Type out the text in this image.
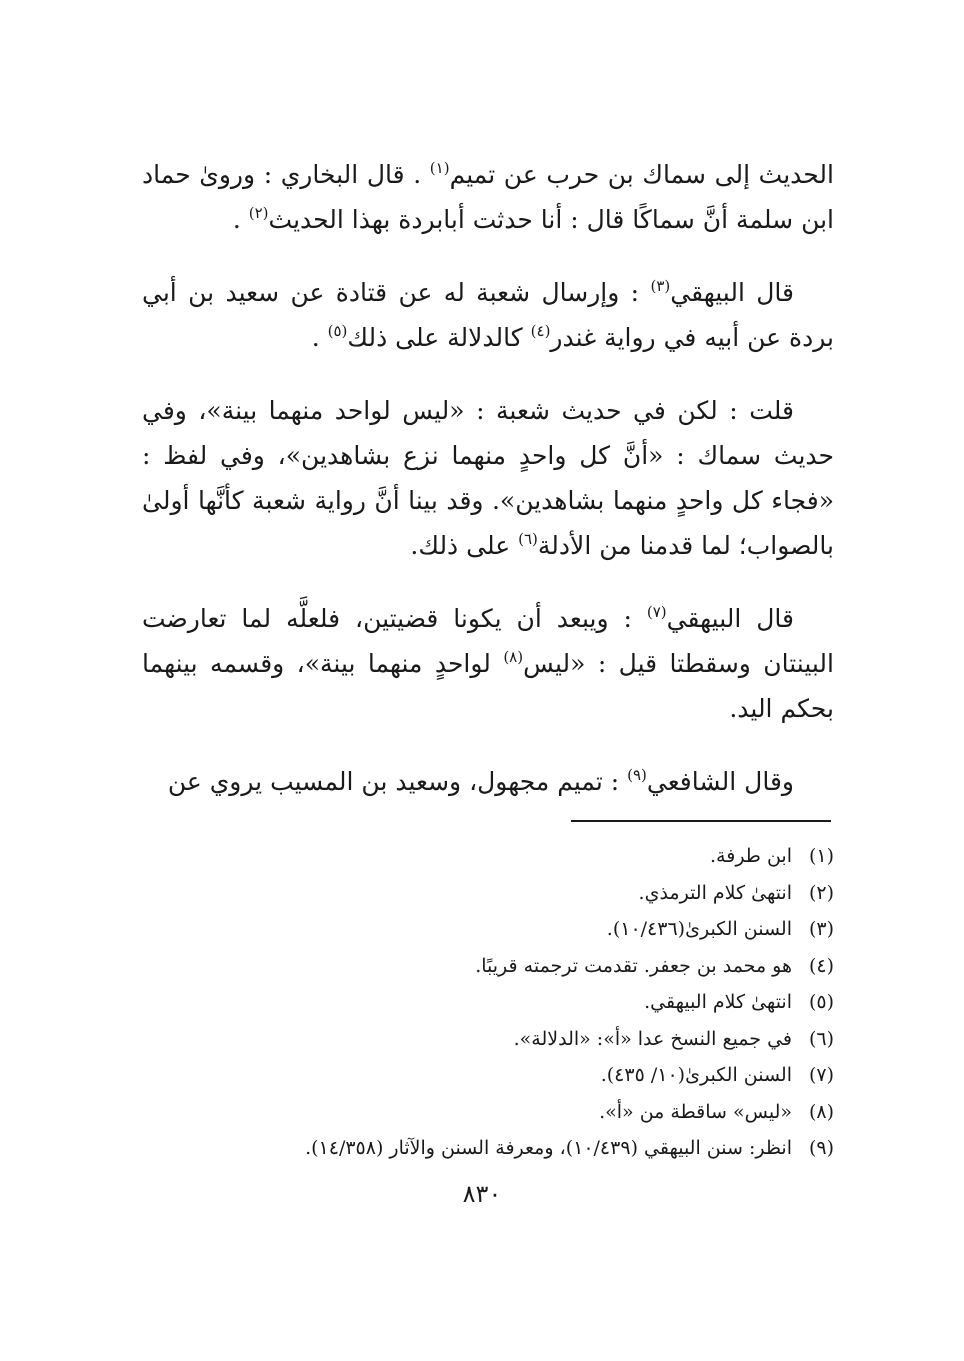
الحديث إلى سماك بن حرب عن تميم$^{(١)}$ . قال البخاري : وروىٰ حماد ابن سلمة أنَّ سماكًا قال : أنا حدثت أبابردة بهذا الحديث$^{(٢)}$ .

قال البيهقي$^{(٣)}$ : وإرسال شعبة له عن قتادة عن سعيد بن أبي بردة عن أبيه في رواية غندر$^{(٤)}$ كالدلالة على ذلك$^{(٥)}$ .

قلت : لكن في حديث شعبة : «ليس لواحد منهما بينة»، وفي حديث سماك : «أنَّ كل واحدٍ منهما نزع بشاهدين»، وفي لفظ : «فجاء كل واحدٍ منهما بشاهدين». وقد بينا أنَّ رواية شعبة كأنَّها أولىٰ بالصواب؛ لما قدمنا من الأدلة$^{(٦)}$ على ذلك.

قال البيهقي$^{(٧)}$ : ويبعد أن يكونا قضيتين، فلعلَّه لما تعارضت البينتان وسقطتا قيل : «ليس$^{(٨)}$ لواحدٍ منهما بينة»، وقسمه بينهما بحكم اليد.

وقال الشافعي$^{(٩)}$ : تميم مجهول، وسعيد بن المسيب يروي عن

(١)
ابن طرفة.
(٢)
انتهىٰ كلام الترمذي.
(٣)
السنن الكبرىٰ(١٠/٤٣٦).
(٤)
هو محمد بن جعفر. تقدمت ترجمته قريبًا.
(٥)
انتهىٰ كلام البيهقي.
(٦)
في جميع النسخ عدا «أ»: «الدلالة».
(٧)
السنن الكبرىٰ(١٠/ ٤٣٥).
(٨)
«ليس» ساقطة من «أ».
(٩)
انظر: سنن البيهقي (١٠/٤٣٩)، ومعرفة السنن والآثار (١٤/٣٥٨).
٨٣٠
